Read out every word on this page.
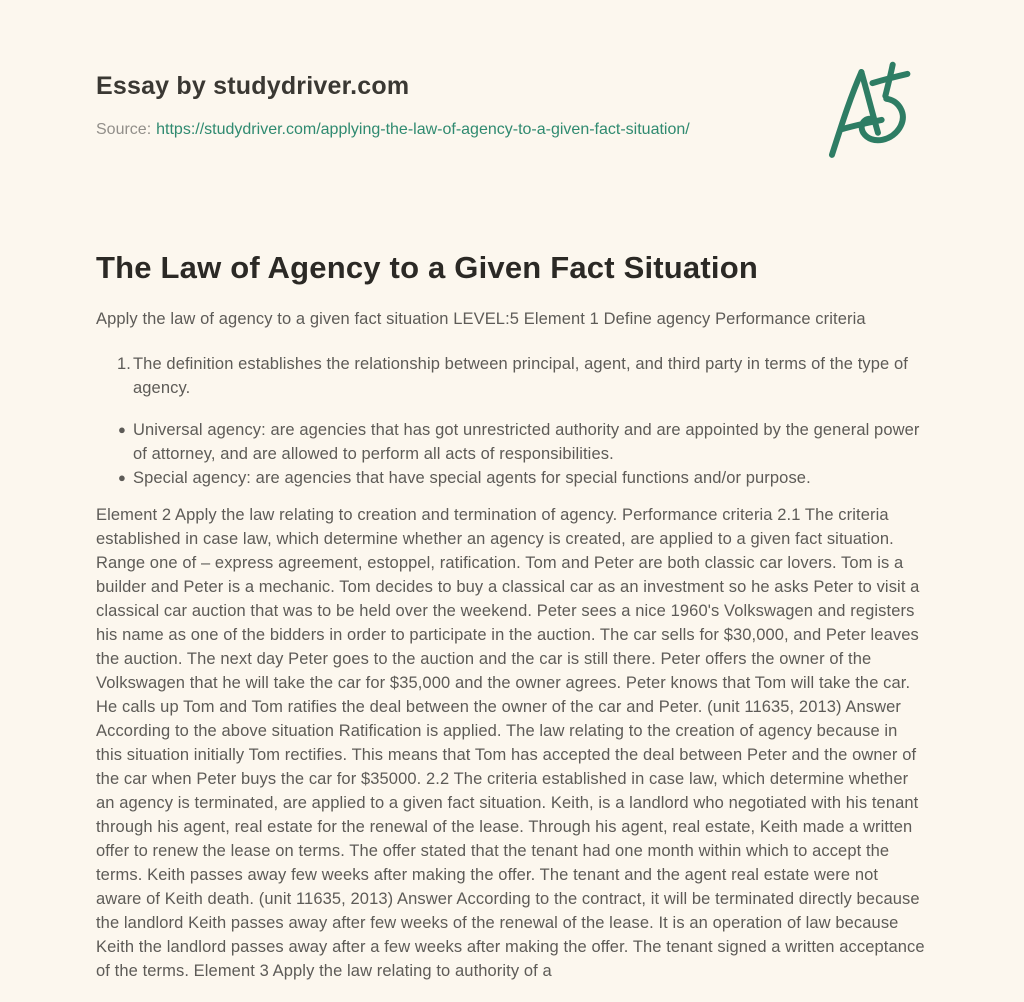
Essay by studydriver.com

Source: https://studydriver.com/applying-the-law-of-agency-to-a-given-fact-situation/

The Law of Agency to a Given Fact Situation

Apply the law of agency to a given fact situation LEVEL:5 Element 1 Define agency Performance criteria

1. The definition establishes the relationship between principal, agent, and third party in terms of the type of agency.
● Universal agency: are agencies that has got unrestricted authority and are appointed by the general power of attorney, and are allowed to perform all acts of responsibilities.
● Special agency: are agencies that have special agents for special functions and/or purpose.

Element 2 Apply the law relating to creation and termination of agency. Performance criteria 2.1 The criteria established in case law, which determine whether an agency is created, are applied to a given fact situation. Range one of – express agreement, estoppel, ratification. Tom and Peter are both classic car lovers. Tom is a builder and Peter is a mechanic. Tom decides to buy a classical car as an investment so he asks Peter to visit a classical car auction that was to be held over the weekend. Peter sees a nice 1960's Volkswagen and registers his name as one of the bidders in order to participate in the auction. The car sells for $30,000, and Peter leaves the auction. The next day Peter goes to the auction and the car is still there. Peter offers the owner of the Volkswagen that he will take the car for $35,000 and the owner agrees. Peter knows that Tom will take the car. He calls up Tom and Tom ratifies the deal between the owner of the car and Peter. (unit 11635, 2013) Answer According to the above situation Ratification is applied. The law relating to the creation of agency because in this situation initially Tom rectifies. This means that Tom has accepted the deal between Peter and the owner of the car when Peter buys the car for $35000. 2.2 The criteria established in case law, which determine whether an agency is terminated, are applied to a given fact situation. Keith, is a landlord who negotiated with his tenant through his agent, real estate for the renewal of the lease. Through his agent, real estate, Keith made a written offer to renew the lease on terms. The offer stated that the tenant had one month within which to accept the terms. Keith passes away few weeks after making the offer. The tenant and the agent real estate were not aware of Keith death. (unit 11635, 2013) Answer According to the contract, it will be terminated directly because the landlord Keith passes away after few weeks of the renewal of the lease. It is an operation of law because Keith the landlord passes away after a few weeks after making the offer. The tenant signed a written acceptance of the terms. Element 3 Apply the law relating to authority of a
